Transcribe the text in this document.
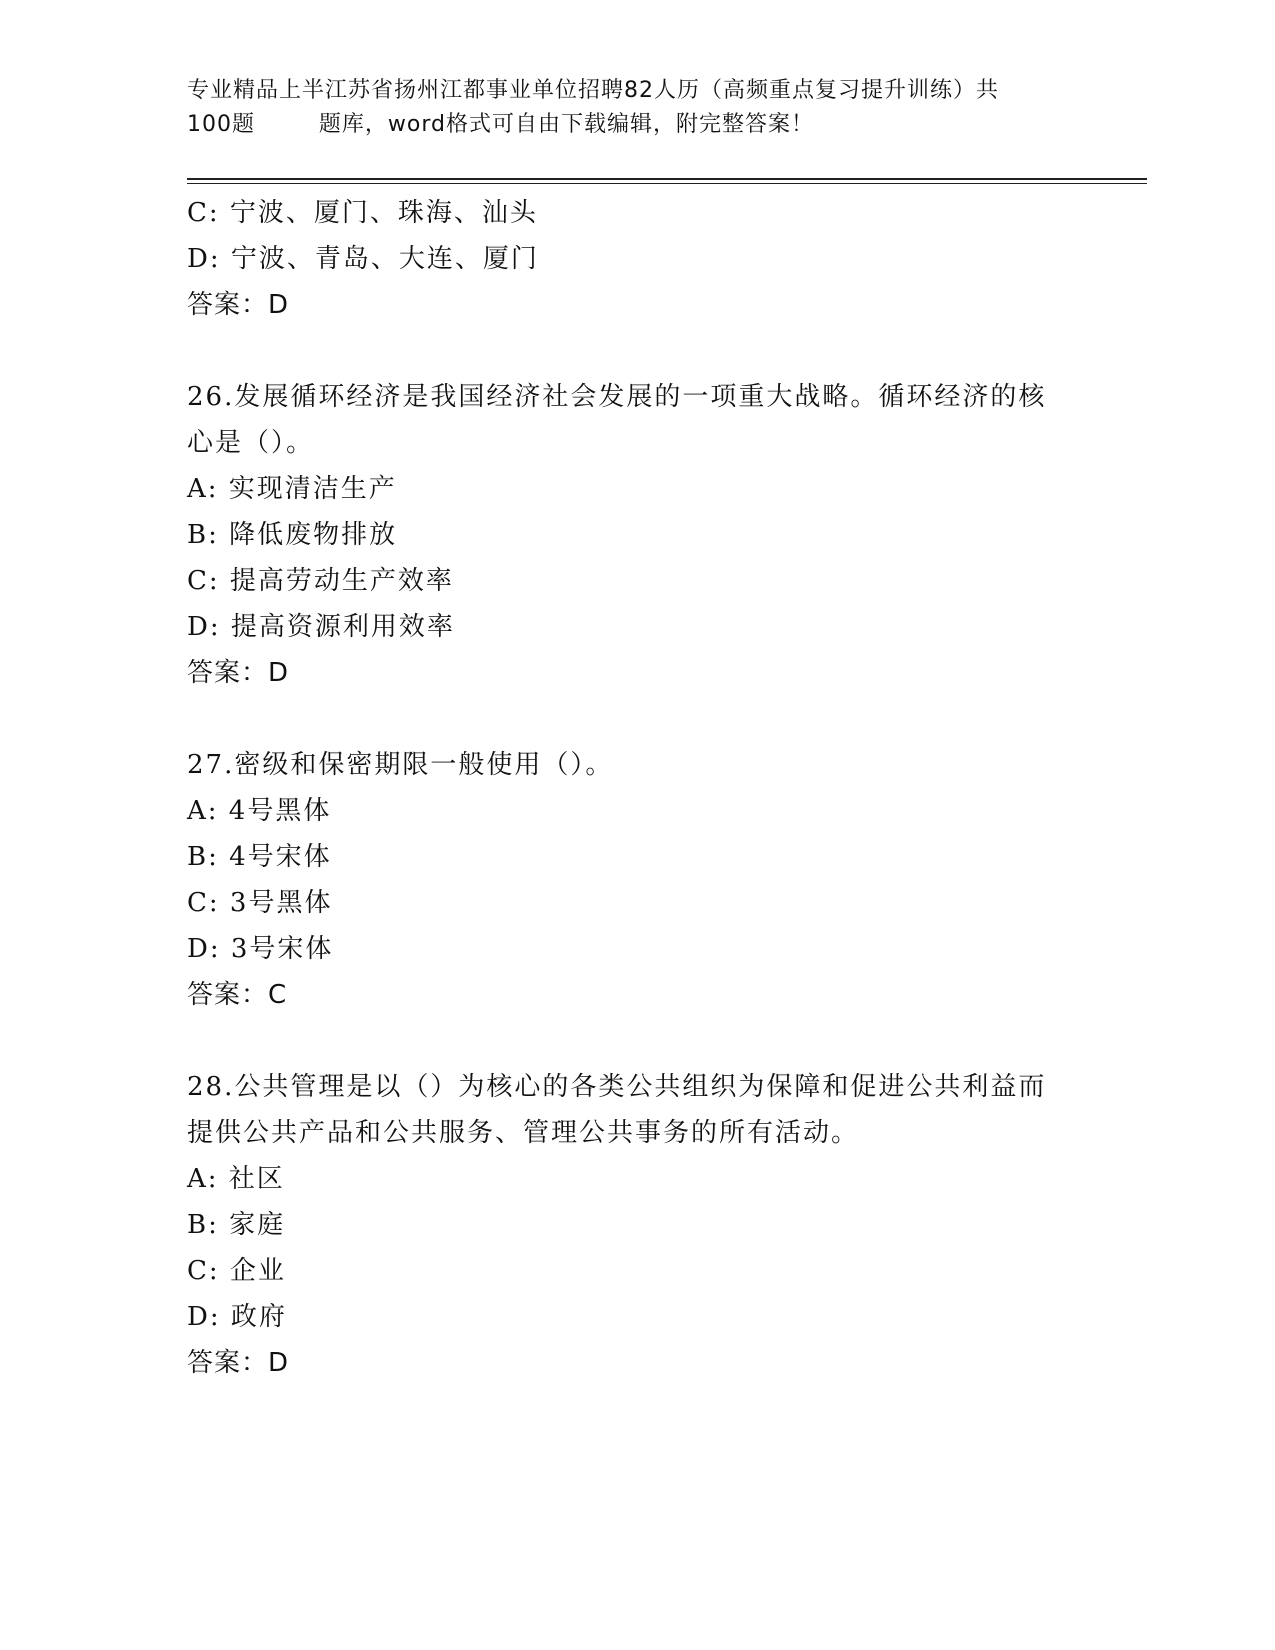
专业精品上半江苏省扬州江都事业单位招聘82人历（高频重点复习提升训练）共
100题        题库，word格式可自由下载编辑，附完整答案！
C: 宁波、厦门、珠海、汕头
D: 宁波、青岛、大连、厦门
答案：D
26.发展循环经济是我国经济社会发展的一项重大战略。循环经济的核
心是（）。
A: 实现清洁生产
B: 降低废物排放
C: 提高劳动生产效率
D: 提高资源利用效率
答案：D
27.密级和保密期限一般使用（）。
A: 4号黑体
B: 4号宋体
C: 3号黑体
D: 3号宋体
答案：C
28.公共管理是以（）为核心的各类公共组织为保障和促进公共利益而
提供公共产品和公共服务、管理公共事务的所有活动。
A: 社区
B: 家庭
C: 企业
D: 政府
答案：D
